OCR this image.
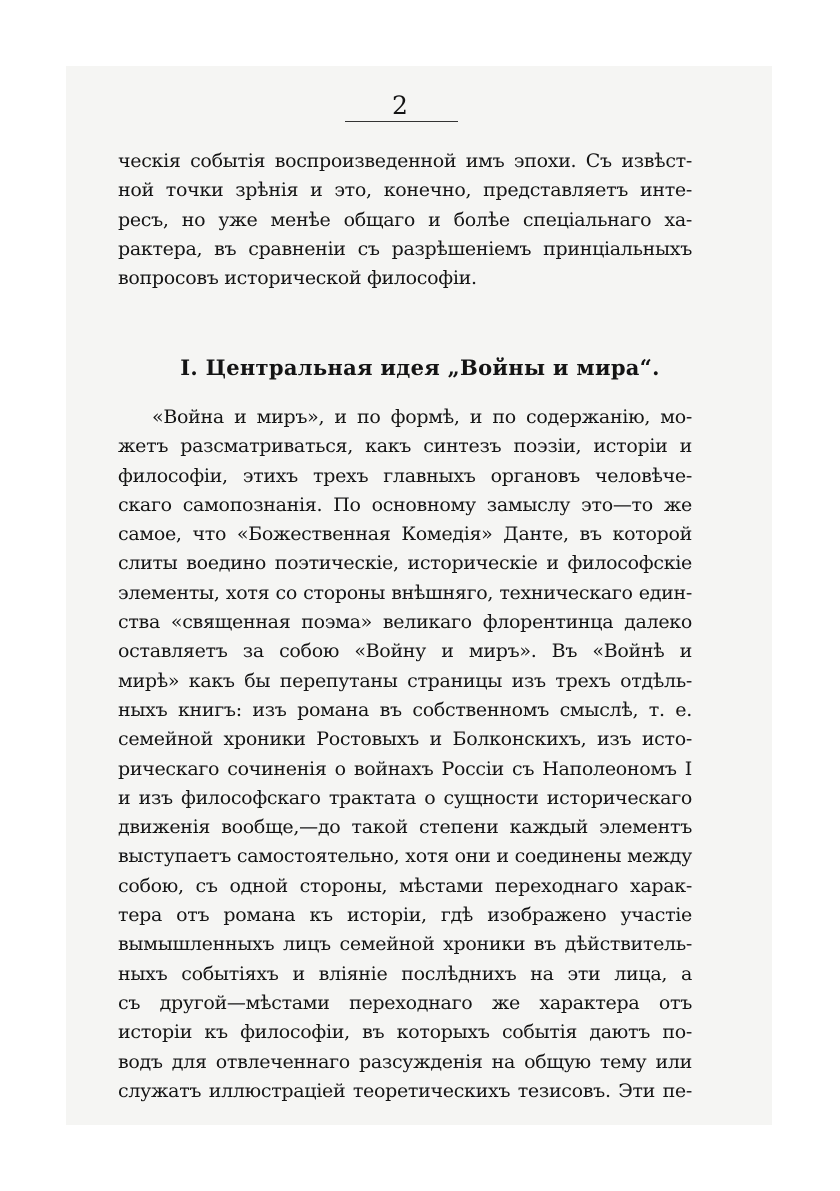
2
ческія событія воспроизведенной имъ эпохи. Съ извѣст-
ной точки зрѣнія и это, конечно, представляетъ инте-
ресъ, но уже менѣе общаго и болѣе спеціальнаго ха-
рактера, въ сравненіи съ разрѣшеніемъ принціальныхъ
вопросовъ исторической философіи.
I. Центральная идея „Войны и мира“.
«Война и миръ», и по формѣ, и по содержанію, мо-
жетъ разсматриваться, какъ синтезъ поэзіи, исторіи и
философіи, этихъ трехъ главныхъ органовъ человѣче-
скаго самопознанія. По основному замыслу это—то же
самое, что «Божественная Комедія» Данте, въ которой
слиты воедино поэтическіе, историческіе и философскіе
элементы, хотя со стороны внѣшняго, техническаго един-
ства «священная поэма» великаго флорентинца далеко
оставляетъ за собою «Войну и миръ». Въ «Войнѣ и
мирѣ» какъ бы перепутаны страницы изъ трехъ отдѣль-
ныхъ книгъ: изъ романа въ собственномъ смыслѣ, т. е.
семейной хроники Ростовыхъ и Болконскихъ, изъ исто-
рическаго сочиненія о войнахъ Россіи съ Наполеономъ I
и изъ философскаго трактата о сущности историческаго
движенія вообще,—до такой степени каждый элементъ
выступаетъ самостоятельно, хотя они и соединены между
собою, съ одной стороны, мѣстами переходнаго харак-
тера отъ романа къ исторіи, гдѣ изображено участіе
вымышленныхъ лицъ семейной хроники въ дѣйствитель-
ныхъ событіяхъ и вліяніе послѣднихъ на эти лица, а
съ другой—мѣстами переходнаго же характера отъ
исторіи къ философіи, въ которыхъ событія даютъ по-
водъ для отвлеченнаго разсужденія на общую тему или
служатъ иллюстраціей теоретическихъ тезисовъ. Эти пе-
